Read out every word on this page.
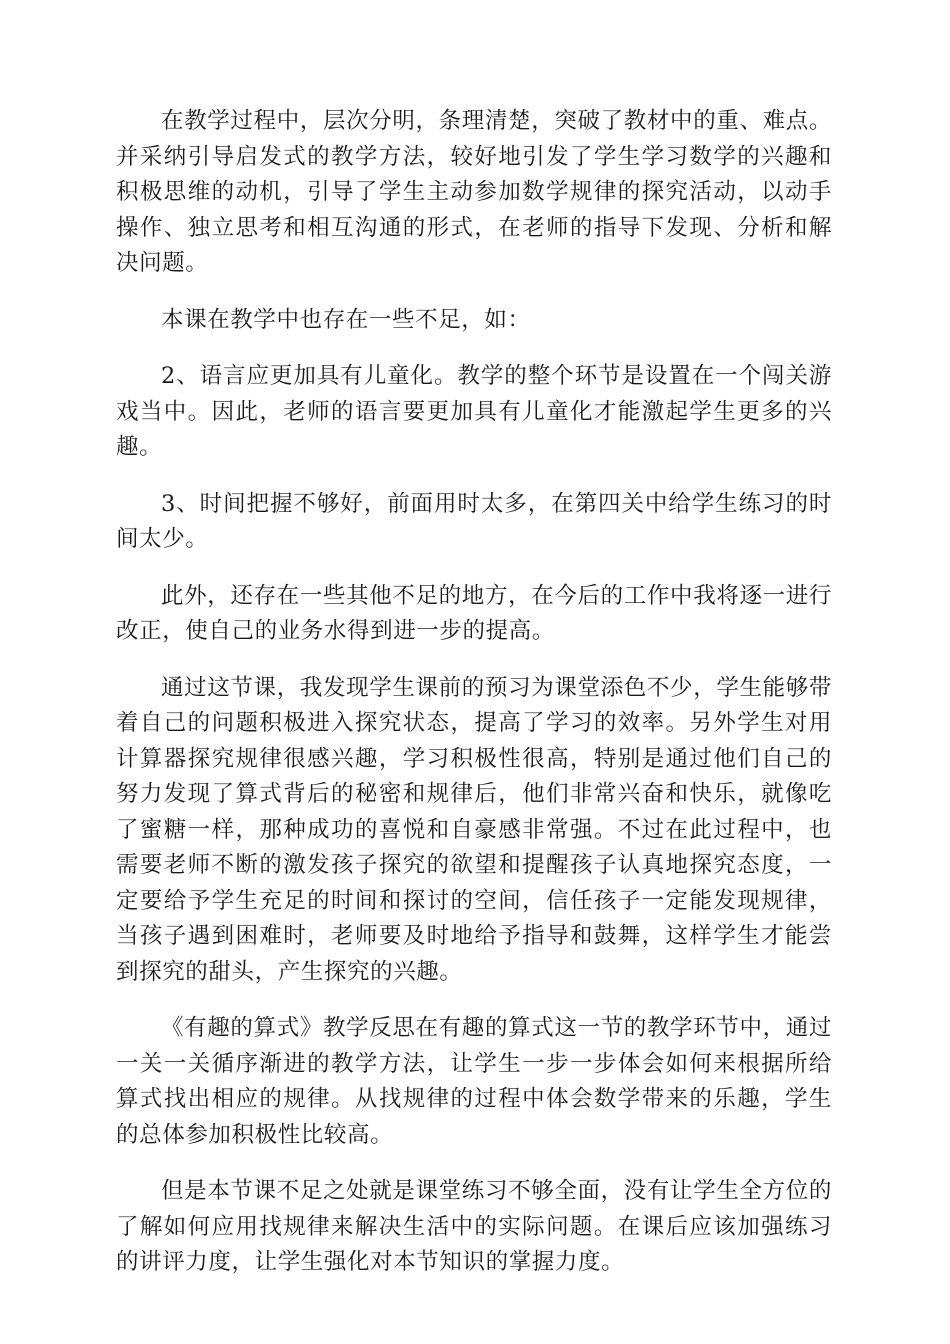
在教学过程中，层次分明，条理清楚，突破了教材中的重、难点。并采纳引导启发式的教学方法，较好地引发了学生学习数学的兴趣和积极思维的动机，引导了学生主动参加数学规律的探究活动，以动手操作、独立思考和相互沟通的形式，在老师的指导下发现、分析和解决问题。

本课在教学中也存在一些不足，如：

2、语言应更加具有儿童化。教学的整个环节是设置在一个闯关游戏当中。因此，老师的语言要更加具有儿童化才能激起学生更多的兴趣。

3、时间把握不够好，前面用时太多，在第四关中给学生练习的时间太少。

此外，还存在一些其他不足的地方，在今后的工作中我将逐一进行改正，使自己的业务水得到进一步的提高。

通过这节课，我发现学生课前的预习为课堂添色不少，学生能够带着自己的问题积极进入探究状态，提高了学习的效率。另外学生对用计算器探究规律很感兴趣，学习积极性很高，特别是通过他们自己的努力发现了算式背后的秘密和规律后，他们非常兴奋和快乐，就像吃了蜜糖一样，那种成功的喜悦和自豪感非常强。不过在此过程中，也需要老师不断的激发孩子探究的欲望和提醒孩子认真地探究态度，一定要给予学生充足的时间和探讨的空间，信任孩子一定能发现规律，当孩子遇到困难时，老师要及时地给予指导和鼓舞，这样学生才能尝到探究的甜头，产生探究的兴趣。

《有趣的算式》教学反思在有趣的算式这一节的教学环节中，通过一关一关循序渐进的教学方法，让学生一步一步体会如何来根据所给算式找出相应的规律。从找规律的过程中体会数学带来的乐趣，学生的总体参加积极性比较高。

但是本节课不足之处就是课堂练习不够全面，没有让学生全方位的了解如何应用找规律来解决生活中的实际问题。在课后应该加强练习的讲评力度，让学生强化对本节知识的掌握力度。
